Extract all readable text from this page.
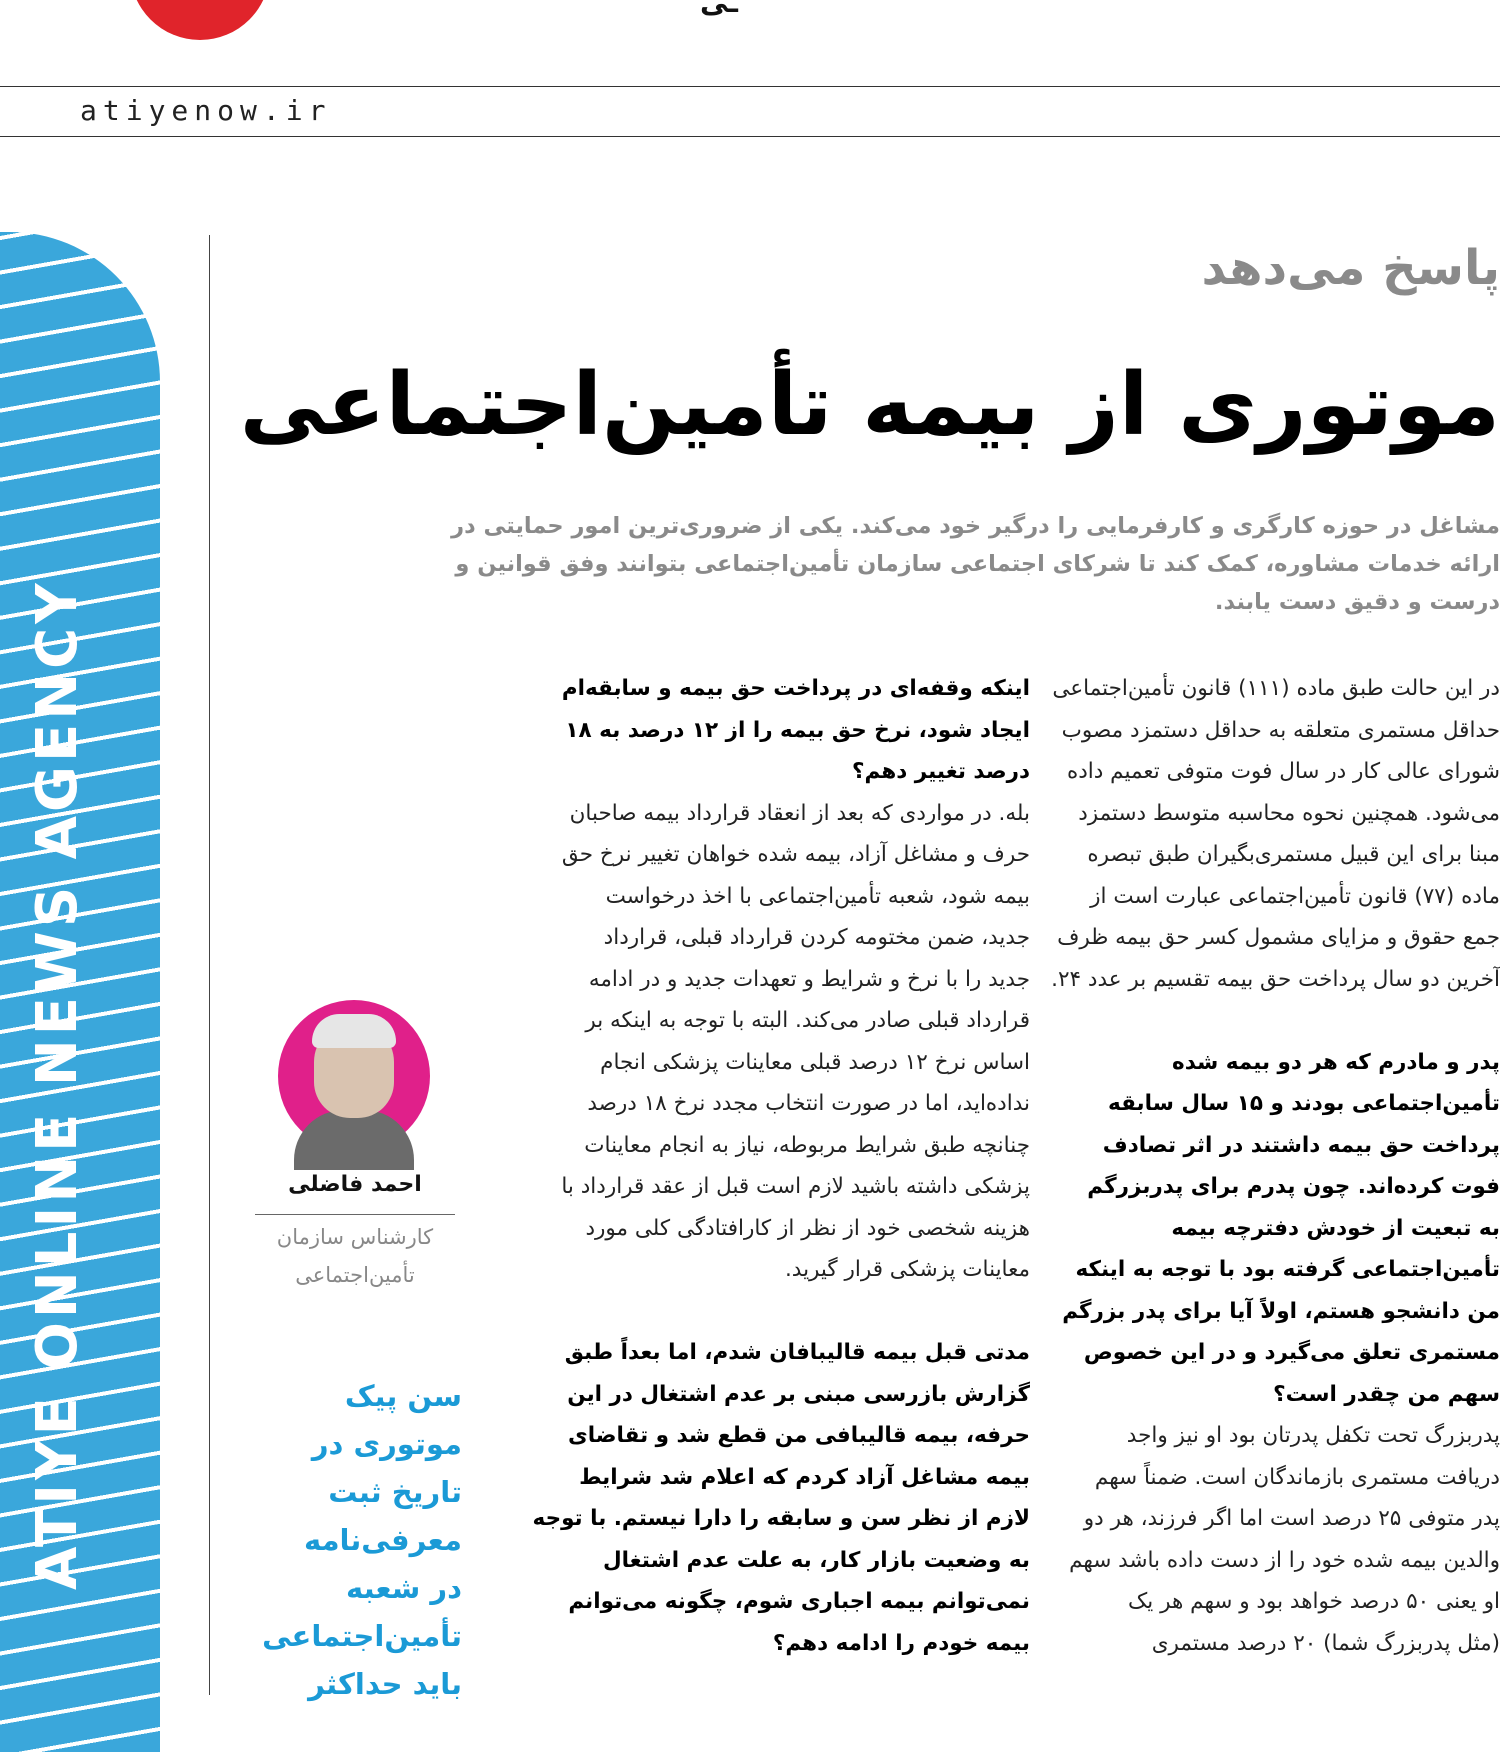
ـى
atiyenow.ir
ATIYE ONLINE NEWS AGENCY
پاسخ می‌دهد
موتوری از بیمه تأمین‌اجتماعی
مشاغل در حوزه کارگری و کارفرمایی را درگیر خود می‌کند. یکی از ضروری‌ترین امور حمایتی در
ارائه خدمات مشاوره، کمک کند تا شرکای اجتماعی سازمان تأمین‌اجتماعی بتوانند وفق قوانین و
درست و دقیق دست یابند.
اینکه وقفه‌ای در پرداخت حق بیمه و سابقه‌ام
ایجاد شود، نرخ حق بیمه را از ۱۲ درصد به ۱۸
درصد تغییر دهم؟
بله. در مواردی که بعد از انعقاد قرارداد بیمه صاحبان
حرف و مشاغل آزاد، بیمه شده خواهان تغییر نرخ حق
بیمه شود، شعبه تأمین‌اجتماعی با اخذ درخواست
جدید، ضمن مختومه کردن قرارداد قبلی، قرارداد
جدید را با نرخ و شرایط و تعهدات جدید و در ادامه
قرارداد قبلی صادر می‌کند. البته با توجه به اینکه بر
اساس نرخ ۱۲ درصد قبلی معاینات پزشکی انجام
نداده‌اید، اما در صورت انتخاب مجدد نرخ ۱۸ درصد
چنانچه طبق شرایط مربوطه، نیاز به انجام معاینات
پزشکی داشته باشید لازم است قبل از عقد قرارداد با
هزینه شخصی خود از نظر از کارافتادگی کلی مورد
معاینات پزشکی قرار گیرید.
مدتی قبل بیمه قالیبافان شدم، اما بعداً طبق
گزارش بازرسی مبنی بر عدم اشتغال در این
حرفه، بیمه قالیبافی من قطع شد و تقاضای
بیمه مشاغل آزاد کردم که اعلام شد شرایط
لازم از نظر سن و سابقه را دارا نیستم. با توجه
به وضعیت بازار کار، به علت عدم اشتغال
نمی‌توانم بیمه اجباری شوم، چگونه می‌توانم
بیمه خودم را ادامه دهم؟
در این حالت طبق ماده (۱۱۱) قانون تأمین‌اجتماعی
حداقل مستمری متعلقه به حداقل دستمزد مصوب
شورای عالی کار در سال فوت متوفی تعمیم داده
می‌شود. همچنین نحوه محاسبه متوسط دستمزد
مبنا برای این قبیل مستمری‌بگیران طبق تبصره
ماده (۷۷) قانون تأمین‌اجتماعی عبارت است از
جمع حقوق و مزایای مشمول کسر حق بیمه ظرف
آخرین دو سال پرداخت حق بیمه تقسیم بر عدد ۲۴.
پدر و مادرم که هر دو بیمه شده
تأمین‌اجتماعی بودند و ۱۵ سال سابقه
پرداخت حق بیمه داشتند در اثر تصادف
فوت کرده‌اند. چون پدرم برای پدربزرگم
به تبعیت از خودش دفترچه بیمه
تأمین‌اجتماعی گرفته بود با توجه به اینکه
من دانشجو هستم، اولاً آیا برای پدر بزرگم
مستمری تعلق می‌گیرد و در این خصوص
سهم من چقدر است؟
پدربزرگ تحت تکفل پدرتان بود او نیز واجد
دریافت مستمری بازماندگان است. ضمناً سهم
پدر متوفی ۲۵ درصد است اما اگر فرزند، هر دو
والدین بیمه شده خود را از دست داده باشد سهم
او یعنی ۵۰ درصد خواهد بود و سهم هر یک
(مثل پدربزرگ شما) ۲۰ درصد مستمری
احمد فاضلی
کارشناس سازمان
تأمین‌اجتماعی
سن پیک
موتوری در
تاریخ ثبت
معرفی‌نامه
در شعبه
تأمین‌اجتماعی
باید حداکثر
